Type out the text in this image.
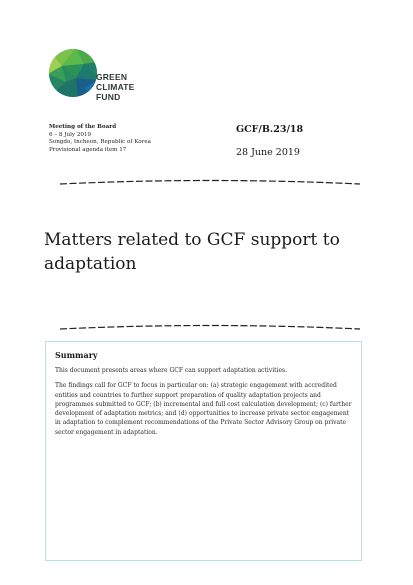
GREEN
CLIMATE
FUND
Meeting of the Board
6 – 8 July 2019
Songdo, Incheon, Republic of Korea
Provisional agenda item 17
GCF/B.23/18
28 June 2019
Matters related to GCF support to adaptation
Summary

This document presents areas where GCF can support adaptation activities.

The findings call for GCF to focus in particular on: (a) strategic engagement with accredited entities and countries to further support preparation of quality adaptation projects and programmes submitted to GCF; (b) incremental and full cost calculation development; (c) further development of adaptation metrics; and (d) opportunities to increase private sector engagement in adaptation to complement recommendations of the Private Sector Advisory Group on private sector engagement in adaptation.
